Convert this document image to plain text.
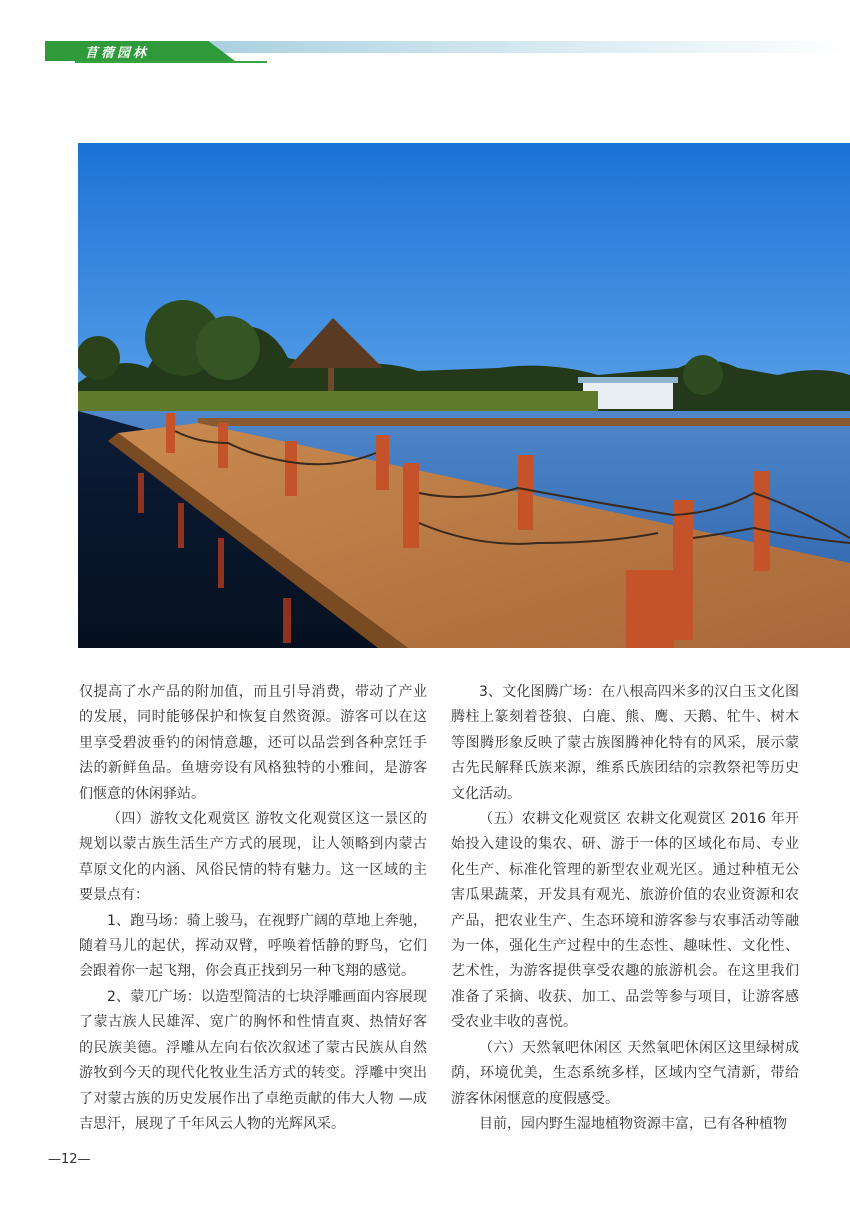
苜蓿园林

仅提高了水产品的附加值，而且引导消费，带动了产业的发展，同时能够保护和恢复自然资源。游客可以在这里享受碧波垂钓的闲情意趣，还可以品尝到各种烹饪手法的新鲜鱼品。鱼塘旁设有风格独特的小雅间，是游客们惬意的休闲驿站。

（四）游牧文化观赏区 游牧文化观赏区这一景区的规划以蒙古族生活生产方式的展现，让人领略到内蒙古草原文化的内涵、风俗民情的特有魅力。这一区域的主要景点有：

1、跑马场：骑上骏马，在视野广阔的草地上奔驰，随着马儿的起伏，挥动双臂，呼唤着恬静的野鸟，它们会跟着你一起飞翔，你会真正找到另一种飞翔的感觉。

2、蒙兀广场：以造型简洁的七块浮雕画面内容展现了蒙古族人民雄浑、宽广的胸怀和性情直爽、热情好客的民族美德。浮雕从左向右依次叙述了蒙古民族从自然游牧到今天的现代化牧业生活方式的转变。浮雕中突出了对蒙古族的历史发展作出了卓绝贡献的伟大人物 —成吉思汗，展现了千年风云人物的光辉风采。

3、文化图腾广场：在八根高四米多的汉白玉文化图腾柱上篆刻着苍狼、白鹿、熊、鹰、天鹅、牤牛、树木等图腾形象反映了蒙古族图腾神化特有的风采，展示蒙古先民解释氏族来源，维系氏族团结的宗教祭祀等历史文化活动。

（五）农耕文化观赏区 农耕文化观赏区 2016 年开始投入建设的集农、研、游于一体的区域化布局、专业化生产、标准化管理的新型农业观光区。通过种植无公害瓜果蔬菜，开发具有观光、旅游价值的农业资源和农产品，把农业生产、生态环境和游客参与农事活动等融为一体，强化生产过程中的生态性、趣味性、文化性、艺术性，为游客提供享受农趣的旅游机会。在这里我们准备了采摘、收获、加工、品尝等参与项目，让游客感受农业丰收的喜悦。

（六）天然氧吧休闲区 天然氧吧休闲区这里绿树成荫，环境优美，生态系统多样，区域内空气清新，带给游客休闲惬意的度假感受。

目前，园内野生湿地植物资源丰富，已有各种植物

—12—
